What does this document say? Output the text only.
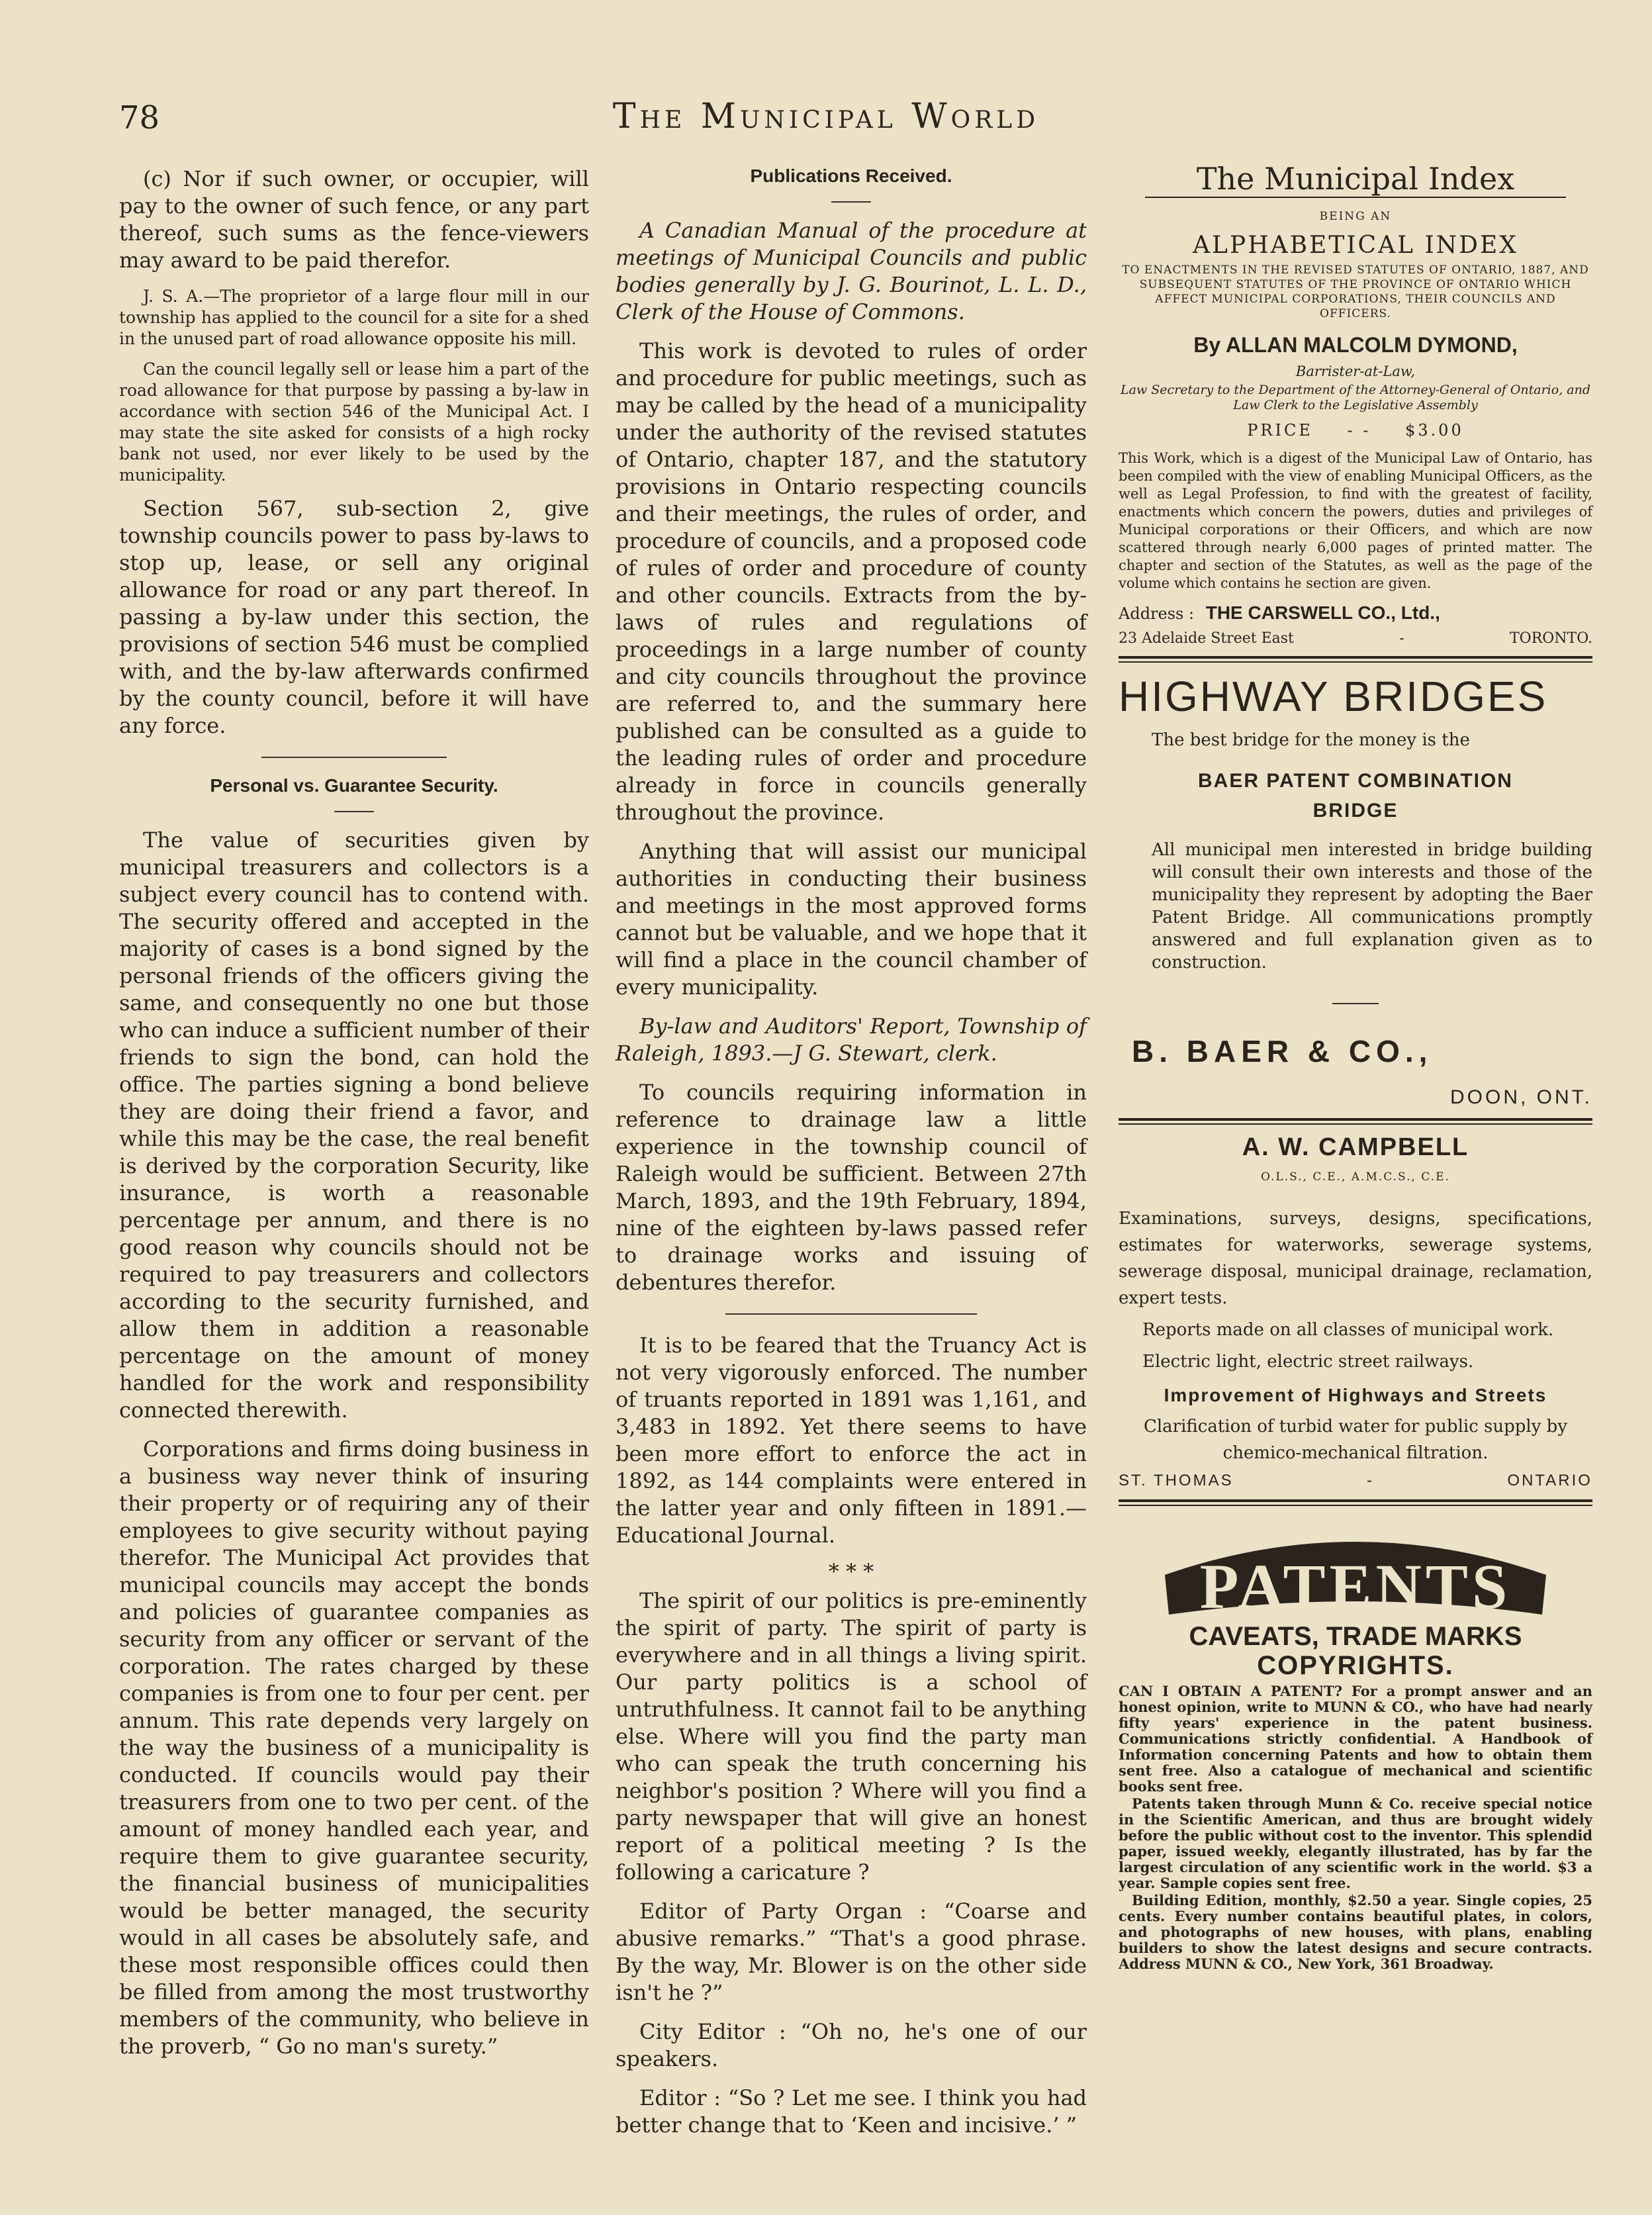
78	The Municipal World

(c) Nor if such owner, or occupier, will pay to the owner of such fence, or any part thereof, such sums as the fence-viewers may award to be paid therefor.

J. S. A.—The proprietor of a large flour mill in our township has applied to the council for a site for a shed in the unused part of road allowance opposite his mill.

Can the council legally sell or lease him a part of the road allowance for that purpose by passing a by-law in accordance with section 546 of the Municipal Act. I may state the site asked for consists of a high rocky bank not used, nor ever likely to be used by the municipality.

Section 567, sub-section 2, give township councils power to pass by-laws to stop up, lease, or sell any original allowance for road or any part thereof. In passing a by-law under this section, the provisions of section 546 must be complied with, and the by-law afterwards confirmed by the county council, before it will have any force.

Personal vs. Guarantee Security.

The value of securities given by municipal treasurers and collectors is a subject every council has to contend with. The security offered and accepted in the majority of cases is a bond signed by the personal friends of the officers giving the same, and consequently no one but those who can induce a sufficient number of their friends to sign the bond, can hold the office. The parties signing a bond believe they are doing their friend a favor, and while this may be the case, the real benefit is derived by the corporation Security, like insurance, is worth a reasonable percentage per annum, and there is no good reason why councils should not be required to pay treasurers and collectors according to the security furnished, and allow them in addition a reasonable percentage on the amount of money handled for the work and responsibility connected therewith.

Corporations and firms doing business in a business way never think of insuring their property or of requiring any of their employees to give security without paying therefor. The Municipal Act provides that municipal councils may accept the bonds and policies of guarantee companies as security from any officer or servant of the corporation. The rates charged by these companies is from one to four per cent. per annum. This rate depends very largely on the way the business of a municipality is conducted. If councils would pay their treasurers from one to two per cent. of the amount of money handled each year, and require them to give guarantee security, the financial business of municipalities would be better managed, the security would in all cases be absolutely safe, and these most responsible offices could then be filled from among the most trustworthy members of the community, who believe in the proverb, “ Go no man's surety.”

Publications Received.

A Canadian Manual of the procedure at meetings of Municipal Councils and public bodies generally by J. G. Bourinot, L. L. D., Clerk of the House of Commons.

This work is devoted to rules of order and procedure for public meetings, such as may be called by the head of a municipality under the authority of the revised statutes of Ontario, chapter 187, and the statutory provisions in Ontario respecting councils and their meetings, the rules of order, and procedure of councils, and a proposed code of rules of order and procedure of county and other councils. Extracts from the by-laws of rules and regulations of proceedings in a large number of county and city councils throughout the province are referred to, and the summary here published can be consulted as a guide to the leading rules of order and procedure already in force in councils generally throughout the province.

Anything that will assist our municipal authorities in conducting their business and meetings in the most approved forms cannot but be valuable, and we hope that it will find a place in the council chamber of every municipality.

By-law and Auditors' Report, Township of Raleigh, 1893.—J G. Stewart, clerk.

To councils requiring information in reference to drainage law a little experience in the township council of Raleigh would be sufficient. Between 27th March, 1893, and the 19th February, 1894, nine of the eighteen by-laws passed refer to drainage works and issuing of debentures therefor.

It is to be feared that the Truancy Act is not very vigorously enforced. The number of truants reported in 1891 was 1,161, and 3,483 in 1892. Yet there seems to have been more effort to enforce the act in 1892, as 144 complaints were entered in the latter year and only fifteen in 1891.—Educational Journal.

* * *

The spirit of our politics is pre-eminently the spirit of party. The spirit of party is everywhere and in all things a living spirit. Our party politics is a school of untruthfulness. It cannot fail to be anything else. Where will you find the party man who can speak the truth concerning his neighbor's position ? Where will you find a party newspaper that will give an honest report of a political meeting ? Is the following a caricature ?

Editor of Party Organ : “Coarse and abusive remarks.” “That's a good phrase. By the way, Mr. Blower is on the other side isn't he ?”

City Editor : “Oh no, he's one of our speakers.

Editor : “So ? Let me see. I think you had better change that to ‘Keen and incisive.’ ”

The Municipal Index

BEING AN

ALPHABETICAL INDEX

TO ENACTMENTS IN THE REVISED STATUTES OF ONTARIO, 1887, AND SUBSEQUENT STATUTES OF THE PROVINCE OF ONTARIO WHICH AFFECT MUNICIPAL CORPORATIONS, THEIR COUNCILS AND OFFICERS.

By ALLAN MALCOLM DYMOND,

Barrister-at-Law,

Law Secretary to the Department of the Attorney-General of Ontario, and Law Clerk to the Legislative Assembly

PRICE - - $3.00

This Work, which is a digest of the Municipal Law of Ontario, has been compiled with the view of enabling Municipal Officers, as the well as Legal Profession, to find with the greatest of facility, enactments which concern the powers, duties and privileges of Municipal corporations or their Officers, and which are now scattered through nearly 6,000 pages of printed matter. The chapter and section of the Statutes, as well as the page of the volume which contains he section are given.

Address : THE CARSWELL CO., Ltd.,

23 Adelaide Street East	-	TORONTO.
HIGHWAY BRIDGES

The best bridge for the money is the

BAER PATENT COMBINATION

BRIDGE

All municipal men interested in bridge building will consult their own interests and those of the municipality they represent by adopting the Baer Patent Bridge. All communications promptly answered and full explanation given as to construction.

B. BAER & CO.,
DOON, ONT.

A. W. CAMPBELL

O.L.S., C.E., A.M.C.S., C.E.

Examinations, surveys, designs, specifications, estimates for waterworks, sewerage systems, sewerage disposal, municipal drainage, reclamation, expert tests.

Reports made on all classes of municipal work.

Electric light, electric street railways.

Improvement of Highways and Streets

Clarification of turbid water for public supply by chemico-mechanical filtration.

ST. THOMAS	-	ONTARIO
PATENTS
CAVEATS, TRADE MARKS
COPYRIGHTS.

CAN I OBTAIN A PATENT? For a prompt answer and an honest opinion, write to MUNN & CO., who have had nearly fifty years' experience in the patent business. Communications strictly confidential. A Handbook of Information concerning Patents and how to obtain them sent free. Also a catalogue of mechanical and scientific books sent free.

Patents taken through Munn & Co. receive special notice in the Scientific American, and thus are brought widely before the public without cost to the inventor. This splendid paper, issued weekly, elegantly illustrated, has by far the largest circulation of any scientific work in the world. $3 a year. Sample copies sent free.

Building Edition, monthly, $2.50 a year. Single copies, 25 cents. Every number contains beautiful plates, in colors, and photographs of new houses, with plans, enabling builders to show the latest designs and secure contracts. Address MUNN & CO., New York, 361 Broadway.
